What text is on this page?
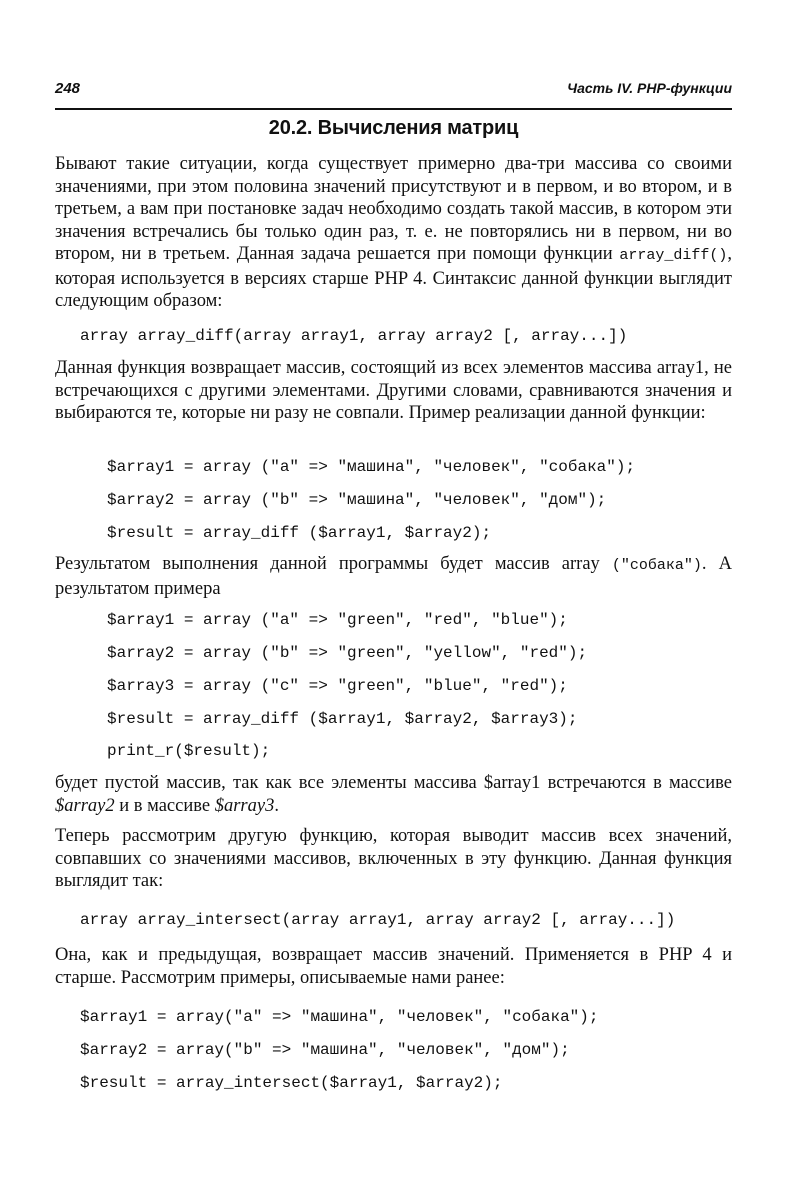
248	Часть IV. PHP-функции
20.2. Вычисления матриц

Бывают такие ситуации, когда существует примерно два-три массива со своими значениями, при этом половина значений присутствуют и в первом, и во втором, и в третьем, а вам при постановке задач необходимо создать такой массив, в котором эти значения встречались бы только один раз, т. е. не повторялись ни в первом, ни во втором, ни в третьем. Данная задача решается при помощи функции array_diff(), которая используется в версиях старше PHP 4. Синтаксис данной функции выглядит следующим образом:

array array_diff(array array1, array array2 [, array...])

Данная функция возвращает массив, состоящий из всех элементов массива array1, не встречающихся с другими элементами. Другими словами, сравниваются значения и выбираются те, которые ни разу не совпали. Пример реализации данной функции:

$array1 = array ("a" => "машина", "человек", "собака");
$array2 = array ("b" => "машина", "человек", "дом");
$result = array_diff ($array1, $array2);

Результатом выполнения данной программы будет массив array ("собака"). А результатом примера

$array1 = array ("a" => "green", "red", "blue");
$array2 = array ("b" => "green", "yellow", "red");
$array3 = array ("c" => "green", "blue", "red");
$result = array_diff ($array1, $array2, $array3);
print_r($result);

будет пустой массив, так как все элементы массива $array1 встречаются в массиве $array2 и в массиве $array3.

Теперь рассмотрим другую функцию, которая выводит массив всех значений, совпавших со значениями массивов, включенных в эту функцию. Данная функция выглядит так:

array array_intersect(array array1, array array2 [, array...])

Она, как и предыдущая, возвращает массив значений. Применяется в PHP 4 и старше. Рассмотрим примеры, описываемые нами ранее:

$array1 = array("a" => "машина", "человек", "собака");
$array2 = array("b" => "машина", "человек", "дом");
$result = array_intersect($array1, $array2);
